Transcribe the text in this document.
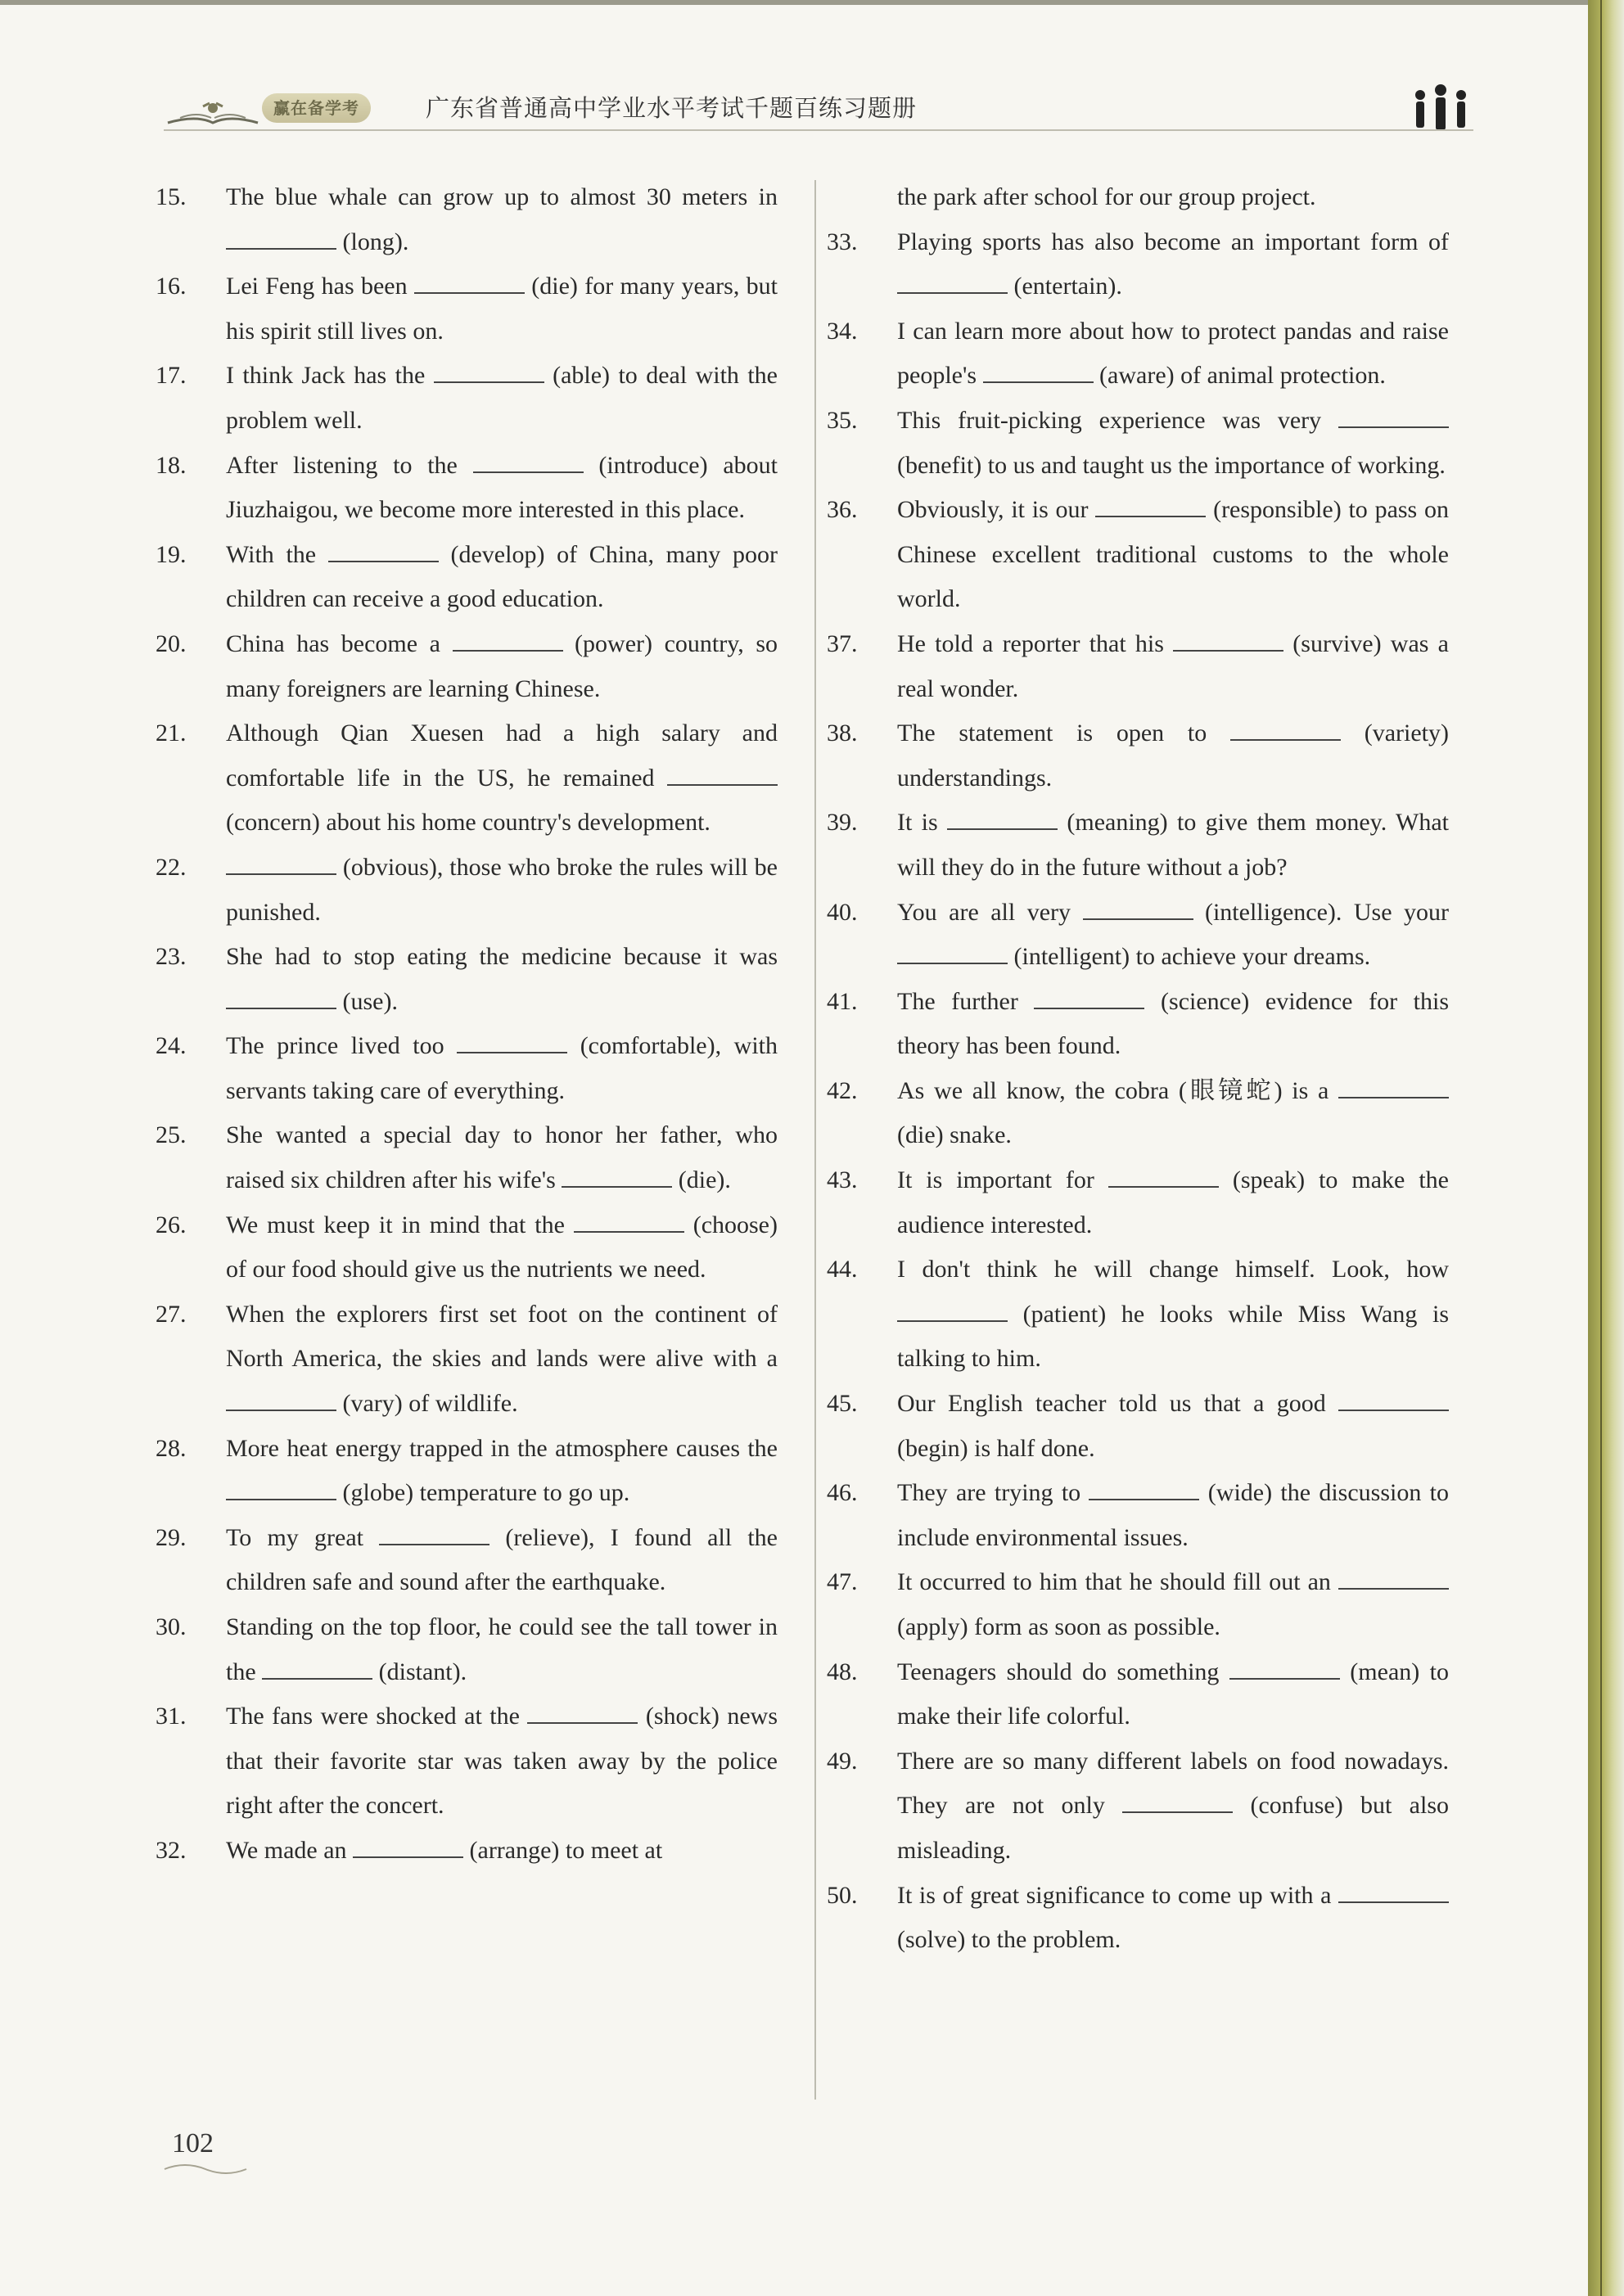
赢在备学考	广东省普通高中学业水平考试千题百练习题册
15. The blue whale can grow up to almost 30 meters in  (long).
16. Lei Feng has been	(die) for many years, but his spirit still lives on.
17. I think Jack has the	(able) to deal with the problem well.
18. After listening to the	(introduce) about Jiuzhaigou, we become more interested in this place.
19. With the	(develop) of China, many poor children can receive a good education.
20. China has become a	(power) country, so many foreigners are learning Chinese.
21. Although Qian Xuesen had a high salary and comfortable life in the US, he remained  (concern) about his home country's development.
22.	(obvious), those who broke the rules will be punished.
23. She had to stop eating the medicine because it was  (use).
24. The prince lived too	(comfortable), with servants taking care of everything.
25. She wanted a special day to honor her father, who raised six children after his wife's	(die).
26. We must keep it in mind that the	(choose) of our food should give us the nutrients we need.
27. When the explorers first set foot on the continent of North America, the skies and lands were alive with a  (vary) of wildlife.
28. More heat energy trapped in the atmosphere causes the  (globe) temperature to go up.
29. To my great	(relieve), I found all the children safe and sound after the earthquake.
30. Standing on the top floor, he could see the tall tower in the	(distant).
31. The fans were shocked at the	(shock) news that their favorite star was taken away by the police right after the concert.
32. We made an	(arrange) to meet at
the park after school for our group project.
33. Playing sports has also become an important form of  (entertain).
34. I can learn more about how to protect pandas and raise people's	(aware) of animal protection.
35. This fruit-picking experience was very  (benefit) to us and taught us the importance of working.
36. Obviously, it is our	(responsible) to pass on Chinese excellent traditional customs to the whole world.
37. He told a reporter that his	(survive) was a real wonder.
38. The statement is open to	(variety) understandings.
39. It is	(meaning) to give them money. What will they do in the future without a job?
40. You are all very	(intelligence). Use your  (intelligent) to achieve your dreams.
41. The further	(science) evidence for this theory has been found.
42. As we all know, the cobra (眼镜蛇) is a  (die) snake.
43. It is important for	(speak) to make the audience interested.
44. I don't think he will change himself. Look, how  (patient) he looks while Miss Wang is talking to him.
45. Our English teacher told us that a good  (begin) is half done.
46. They are trying to	(wide) the discussion to include environmental issues.
47. It occurred to him that he should fill out an  (apply) form as soon as possible.
48. Teenagers should do something	(mean) to make their life colorful.
49. There are so many different labels on food nowadays. They are not only	(confuse) but also misleading.
50. It is of great significance to come up with a  (solve) to the problem.
102
